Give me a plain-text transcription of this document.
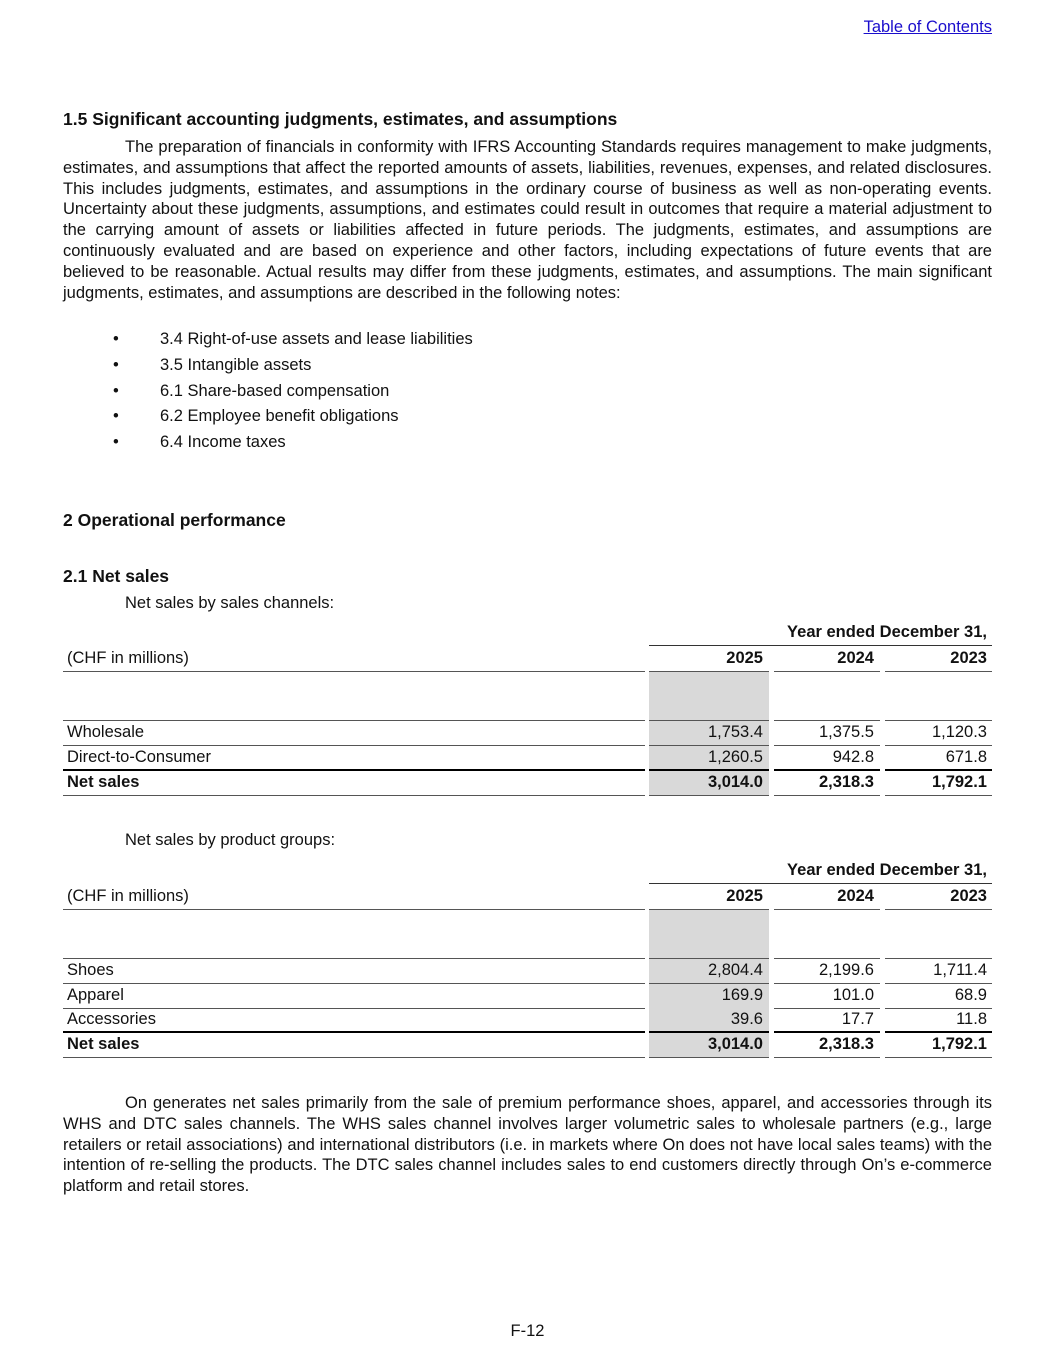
Table of Contents
1.5 Significant accounting judgments, estimates, and assumptions

The preparation of financials in conformity with IFRS Accounting Standards requires management to make judgments, estimates, and assumptions that affect the reported amounts of assets, liabilities, revenues, expenses, and related disclosures. This includes judgments, estimates, and assumptions in the ordinary course of business as well as non-operating events. Uncertainty about these judgments, assumptions, and estimates could result in outcomes that require a material adjustment to the carrying amount of assets or liabilities affected in future periods. The judgments, estimates, and assumptions are continuously evaluated and are based on experience and other factors, including expectations of future events that are believed to be reasonable. Actual results may differ from these judgments, estimates, and assumptions. The main significant judgments, estimates, and assumptions are described in the following notes:

• 3.4 Right-of-use assets and lease liabilities
• 3.5 Intangible assets
• 6.1 Share-based compensation
• 6.2 Employee benefit obligations
• 6.4 Income taxes
2 Operational performance
2.1 Net sales
Net sales by sales channels:
Year ended December 31,
(CHF in millions)	2025	2024	2023
Wholesale	1,753.4	1,375.5	1,120.3
Direct-to-Consumer	1,260.5	942.8	671.8
Net sales	3,014.0	2,318.3	1,792.1
Net sales by product groups:
Year ended December 31,
(CHF in millions)	2025	2024	2023
Shoes	2,804.4	2,199.6	1,711.4
Apparel	169.9	101.0	68.9
Accessories	39.6	17.7	11.8
Net sales	3,014.0	2,318.3	1,792.1

On generates net sales primarily from the sale of premium performance shoes, apparel, and accessories through its WHS and DTC sales channels. The WHS sales channel involves larger volumetric sales to wholesale partners (e.g., large retailers or retail associations) and international distributors (i.e. in markets where On does not have local sales teams) with the intention of re-selling the products. The DTC sales channel includes sales to end customers directly through On’s e-commerce platform and retail stores.

F-12
